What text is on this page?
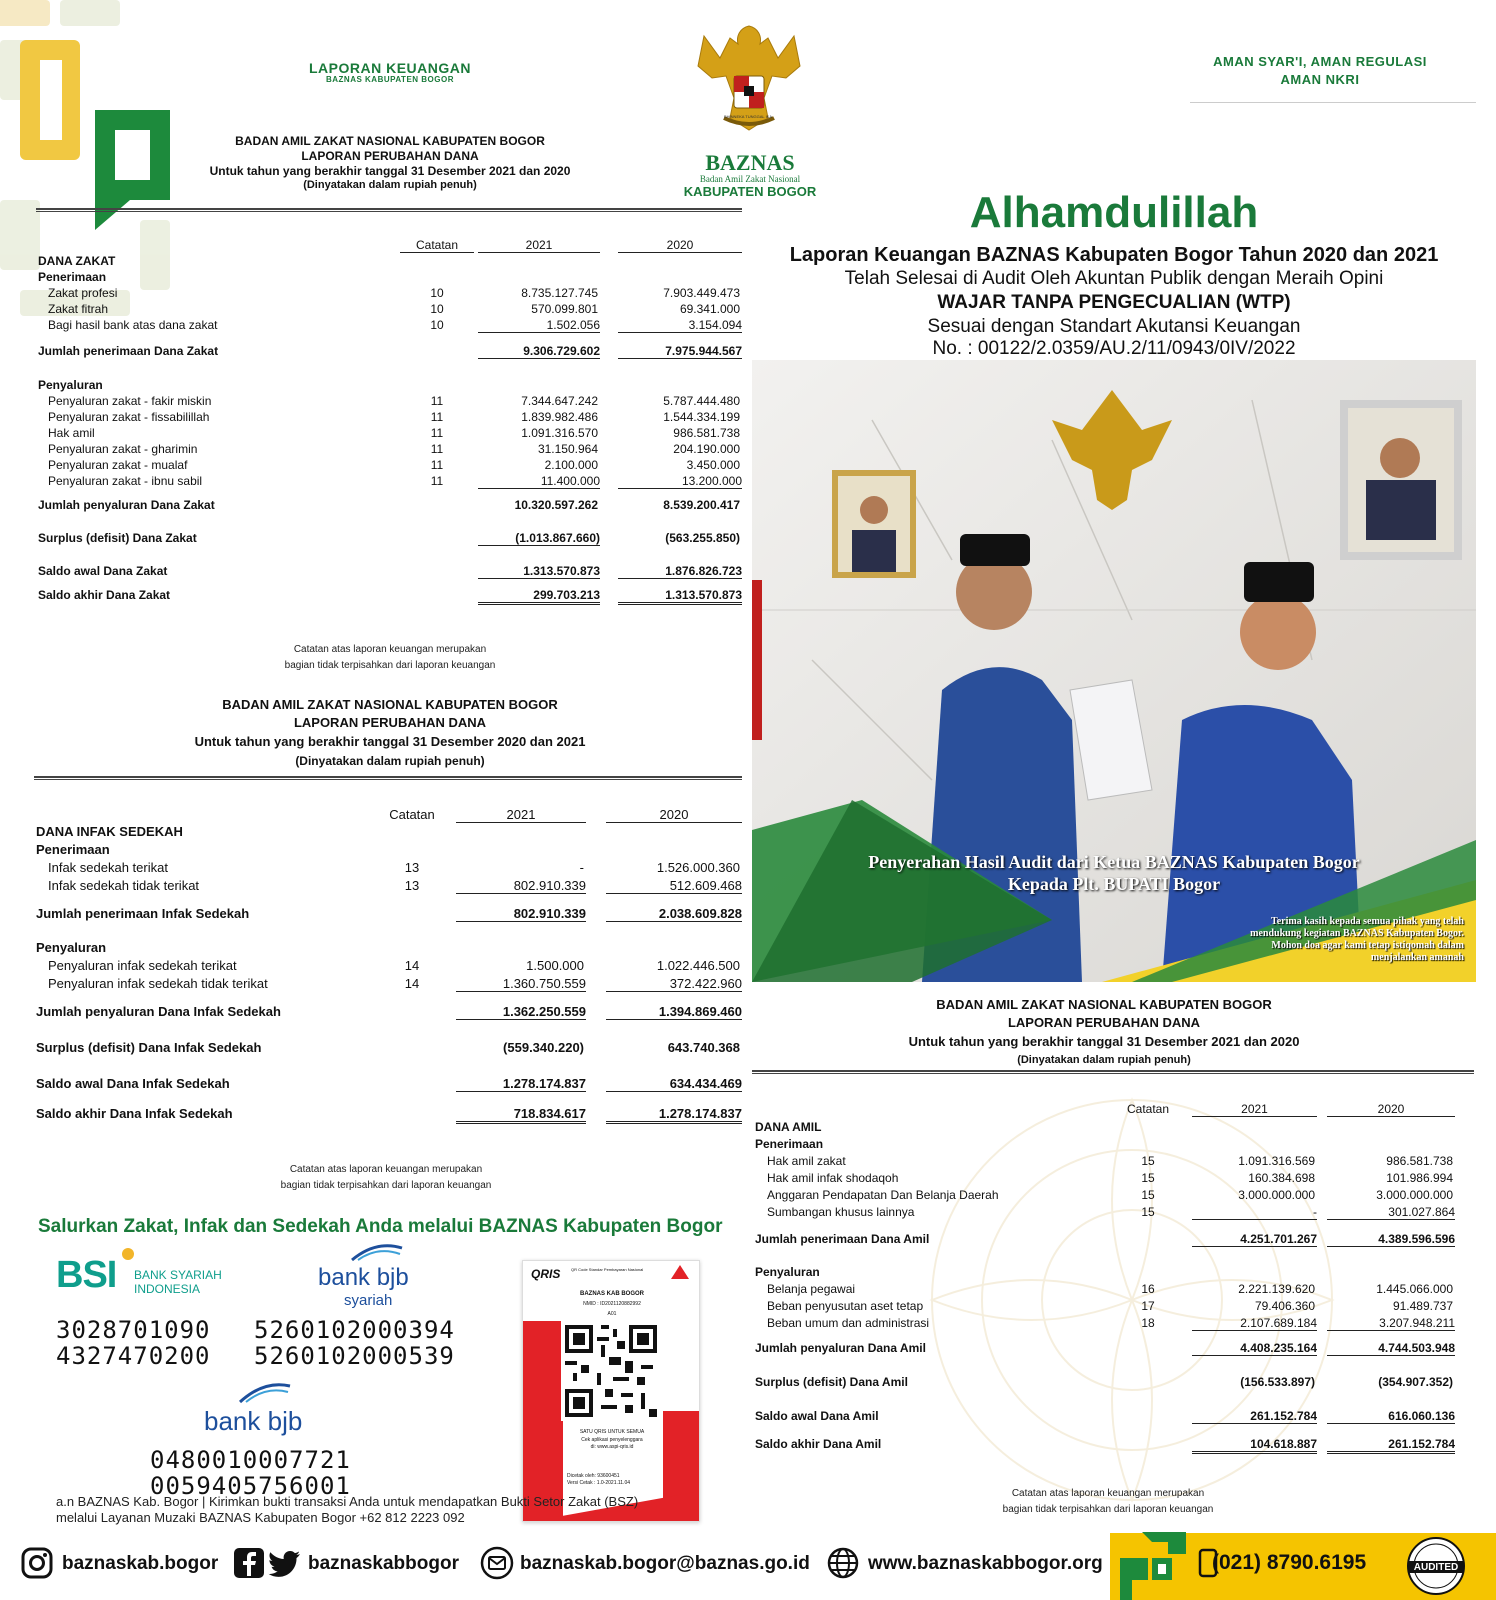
LAPORAN KEUANGAN
BAZNAS KABUPATEN BOGOR
BHINNEKA TUNGGAL IKA
BAZNAS
Badan Amil Zakat Nasional
KABUPATEN BOGOR
AMAN SYAR'I, AMAN REGULASI
AMAN NKRI
Alhamdulillah
Laporan Keuangan BAZNAS Kabupaten Bogor Tahun 2020 dan 2021
Telah Selesai di Audit Oleh Akuntan Publik dengan Meraih Opini
WAJAR TANPA PENGECUALIAN (WTP)
Sesuai dengan Standart Akutansi Keuangan
No. : 00122/2.0359/AU.2/11/0943/0IV/2022
Penyerahan Hasil Audit dari Ketua BAZNAS Kabupaten Bogor
Kepada Plt. BUPATI Bogor
Terima kasih kepada semua pihak yang telah
mendukung kegiatan BAZNAS Kabupaten Bogor.
Mohon doa agar kami tetap istiqomah dalam
menjalankan amanah
BADAN AMIL ZAKAT NASIONAL KABUPATEN BOGOR
LAPORAN PERUBAHAN DANA
Untuk tahun yang berakhir tanggal 31 Desember 2021 dan 2020
(Dinyatakan dalam rupiah penuh)
Catatan	2021	2020
DANA ZAKAT
Penerimaan
Zakat profesi	10	8.735.127.745	7.903.449.473
Zakat fitrah	10	570.099.801	69.341.000
Bagi hasil bank atas dana zakat	10	1.502.056	3.154.094
Jumlah penerimaan Dana Zakat	9.306.729.602	7.975.944.567
Penyaluran
Penyaluran zakat - fakir miskin	11	7.344.647.242	5.787.444.480
Penyaluran zakat - fissabilillah	11	1.839.982.486	1.544.334.199
Hak amil	11	1.091.316.570	986.581.738
Penyaluran zakat - gharimin	11	31.150.964	204.190.000
Penyaluran zakat - mualaf	11	2.100.000	3.450.000
Penyaluran zakat - ibnu sabil	11	11.400.000	13.200.000
Jumlah penyaluran Dana Zakat	10.320.597.262	8.539.200.417
Surplus (defisit) Dana Zakat	(1.013.867.660)	(563.255.850)
Saldo awal Dana Zakat	1.313.570.873	1.876.826.723
Saldo akhir Dana Zakat	299.703.213	1.313.570.873
Catatan atas laporan keuangan merupakan
bagian tidak terpisahkan dari laporan keuangan
BADAN AMIL ZAKAT NASIONAL KABUPATEN BOGOR
LAPORAN PERUBAHAN DANA
Untuk tahun yang berakhir tanggal 31 Desember 2020 dan 2021
(Dinyatakan dalam rupiah penuh)
Catatan	2021	2020
DANA INFAK SEDEKAH
Penerimaan
Infak sedekah terikat	13	-	1.526.000.360
Infak sedekah tidak terikat	13	802.910.339	512.609.468
Jumlah penerimaan Infak Sedekah	802.910.339	2.038.609.828
Penyaluran
Penyaluran infak sedekah terikat	14	1.500.000	1.022.446.500
Penyaluran infak sedekah tidak terikat	14	1.360.750.559	372.422.960
Jumlah penyaluran Dana Infak Sedekah	1.362.250.559	1.394.869.460
Surplus (defisit) Dana Infak Sedekah	(559.340.220)	643.740.368
Saldo awal Dana Infak Sedekah	1.278.174.837	634.434.469
Saldo akhir Dana Infak Sedekah	718.834.617	1.278.174.837
Catatan atas laporan keuangan merupakan
bagian tidak terpisahkan dari laporan keuangan
BADAN AMIL ZAKAT NASIONAL KABUPATEN BOGOR
LAPORAN PERUBAHAN DANA
Untuk tahun yang berakhir tanggal 31 Desember 2021 dan 2020
(Dinyatakan dalam rupiah penuh)
Catatan	2021	2020
DANA AMIL
Penerimaan
Hak amil zakat	15	1.091.316.569	986.581.738
Hak amil infak shodaqoh	15	160.384.698	101.986.994
Anggaran Pendapatan Dan Belanja Daerah	15	3.000.000.000	3.000.000.000
Sumbangan khusus lainnya	15	-	301.027.864
Jumlah penerimaan Dana Amil	4.251.701.267	4.389.596.596
Penyaluran
Belanja pegawai	16	2.221.139.620	1.445.066.000
Beban penyusutan aset tetap	17	79.406.360	91.489.737
Beban umum dan administrasi	18	2.107.689.184	3.207.948.211
Jumlah penyaluran Dana Amil	4.408.235.164	4.744.503.948
Surplus (defisit) Dana Amil	(156.533.897)	(354.907.352)
Saldo awal Dana Amil	261.152.784	616.060.136
Saldo akhir Dana Amil	104.618.887	261.152.784
Catatan atas laporan keuangan merupakan
bagian tidak terpisahkan dari laporan keuangan
Salurkan Zakat, Infak dan Sedekah Anda melalui BAZNAS Kabupaten Bogor
BSI BANK SYARIAH
INDONESIA
3028701090
4327470200
bank bjb
syariah
5260102000394
5260102000539
bank bjb
0480010007721
0059405756001
QRIS	QR Code Standar Pembayaran Nasional
BAZNAS KAB BOGOR
NMID : ID2021120882992
A01
SATU QRIS UNTUK SEMUA
Cek aplikasi penyelenggara
di: www.aspi-qris.id
Dicetak oleh: 93600451
Versi Cetak : 1.0-2021.11.04
a.n BAZNAS Kab. Bogor | Kirimkan bukti transaksi Anda untuk mendapatkan Bukti Setor Zakat (BSZ)
melalui Layanan Muzaki BAZNAS Kabupaten Bogor +62 812 2223 092
baznaskab.bogor	baznaskabbogor	baznaskab.bogor@baznas.go.id	www.baznaskabbogor.org	(021) 8790.6195	AUDITED
